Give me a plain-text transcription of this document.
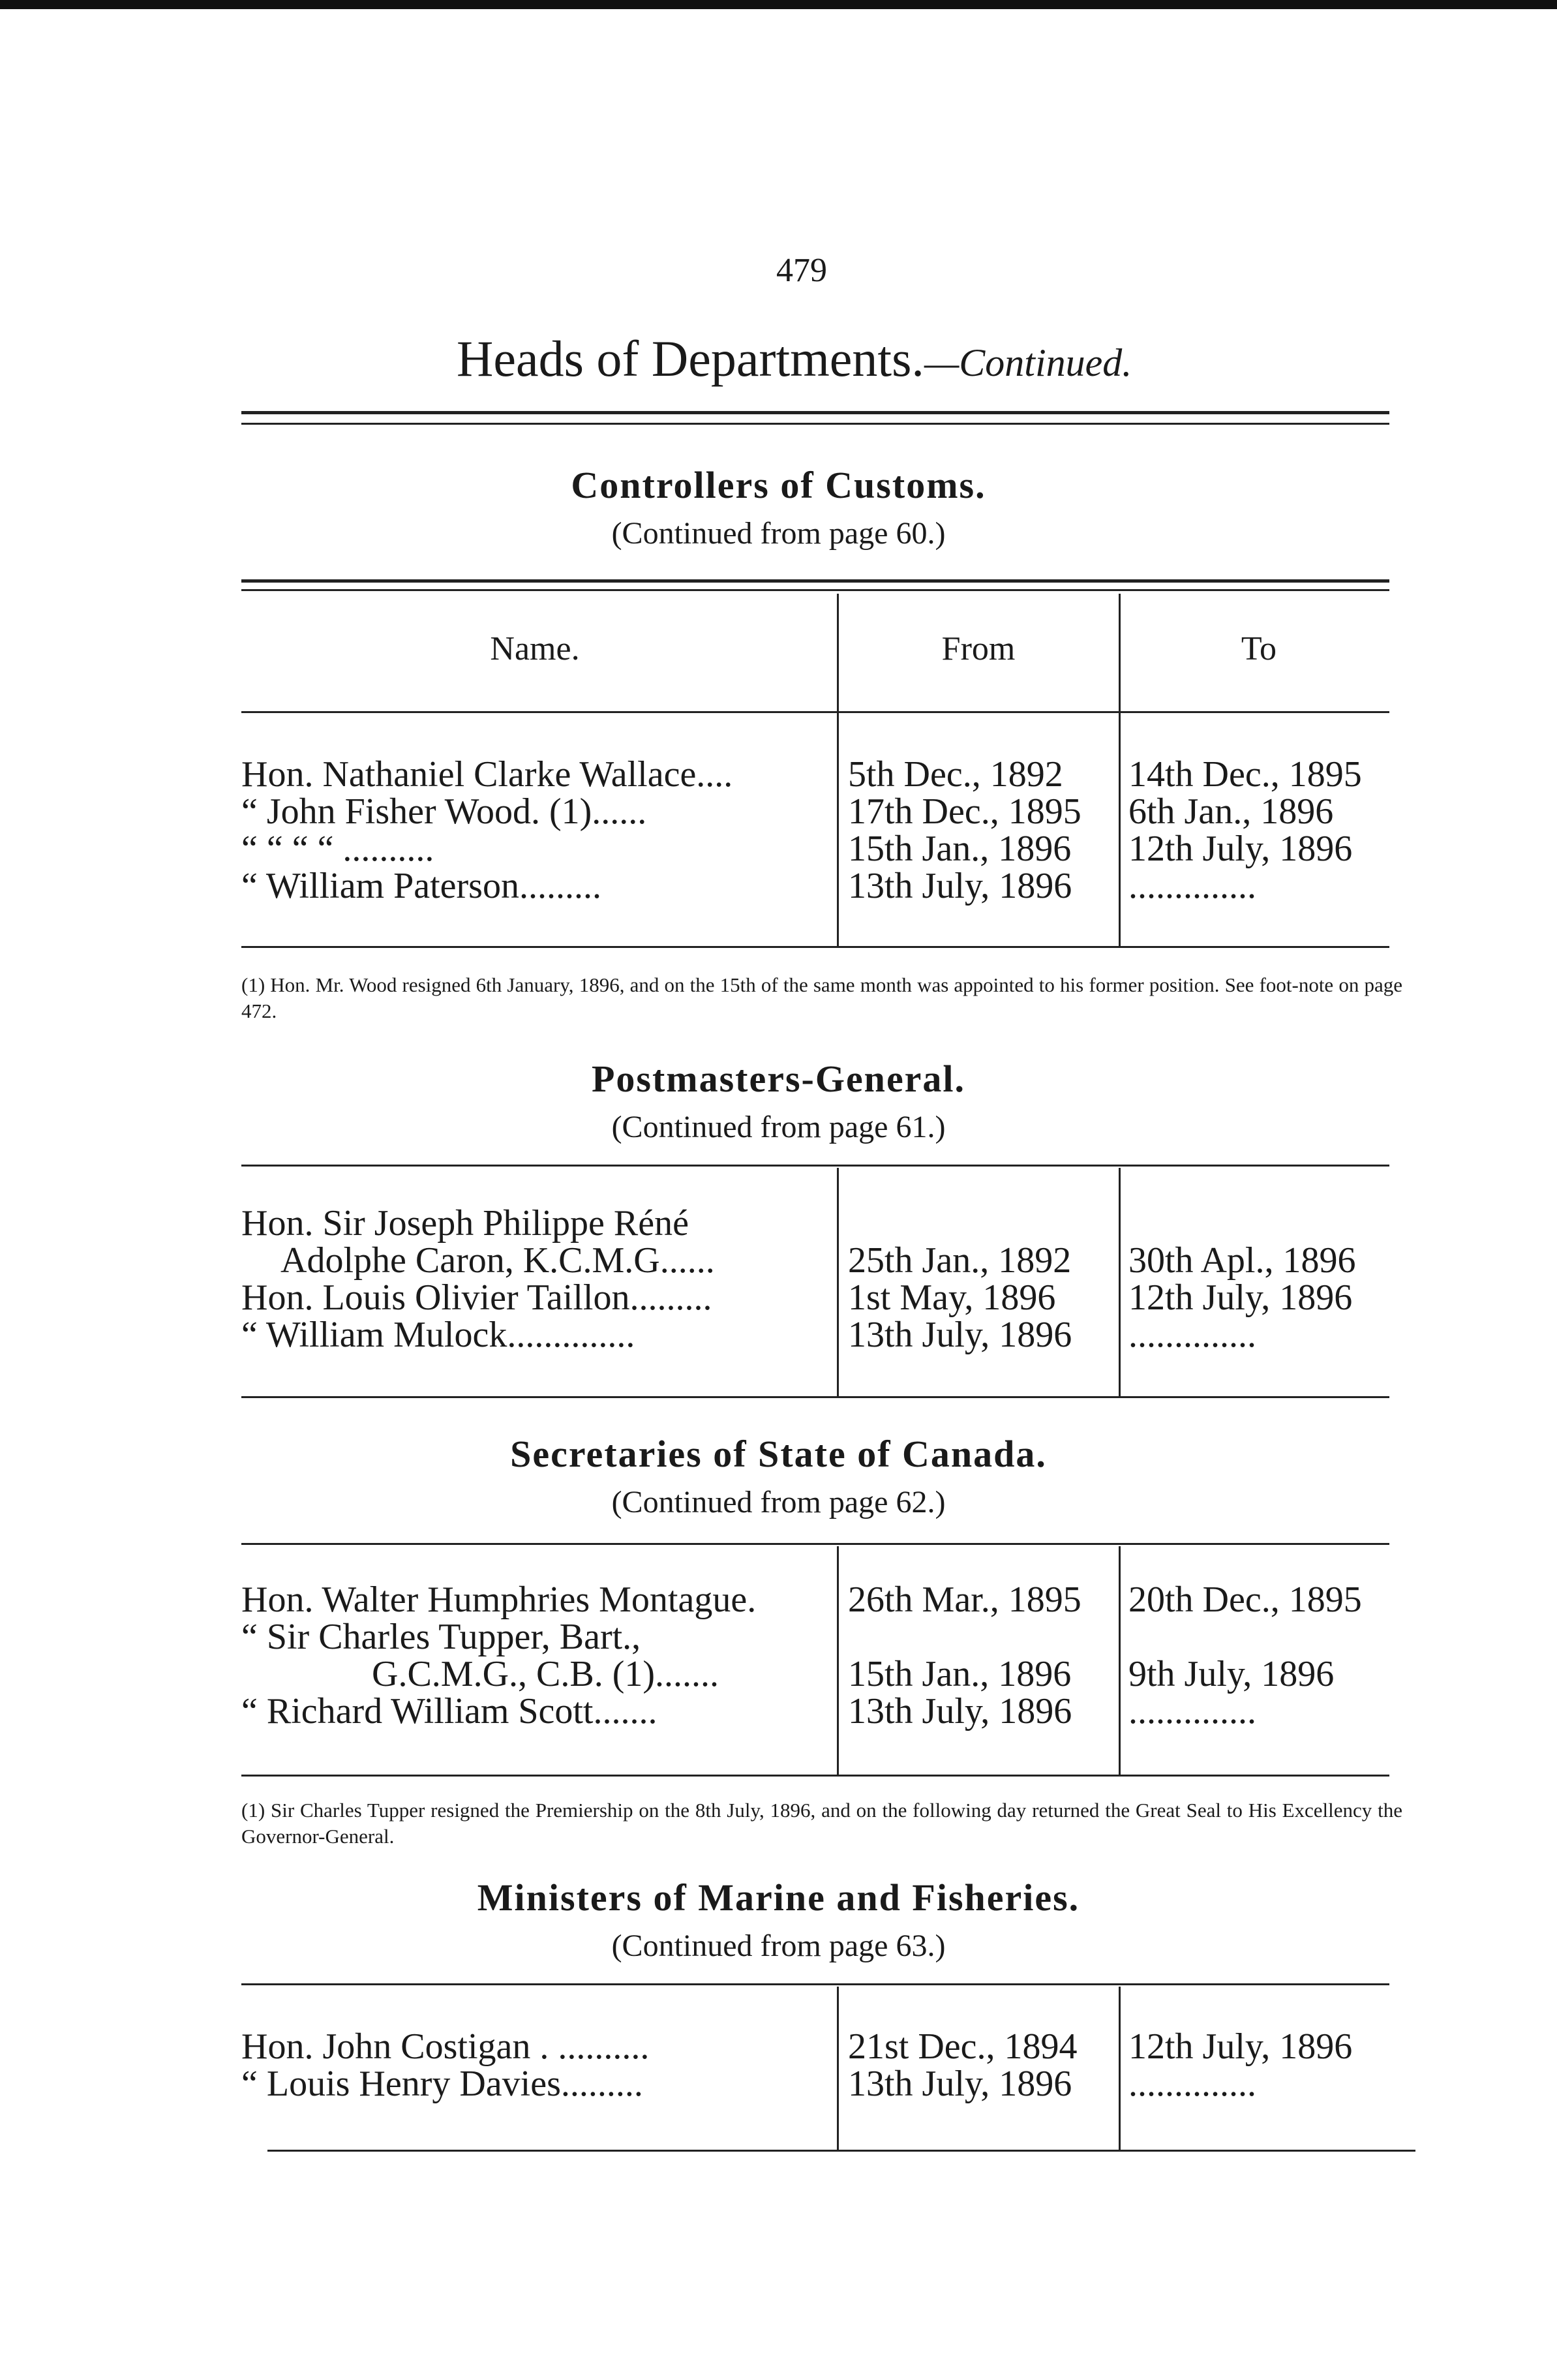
479
Heads of Departments.—Continued.
Controllers of Customs.
(Continued from page 60.)
Name.	From	To
Hon. Nathaniel Clarke Wallace....	5th Dec., 1892	14th Dec., 1895
“ John Fisher Wood. (1)......	17th Dec., 1895	6th Jan., 1896
“ “ “ “ ..........	15th Jan., 1896	12th July, 1896
“ William Paterson.........	13th July, 1896	..............
(1) Hon. Mr. Wood resigned 6th January, 1896, and on the 15th of the same month was appointed to his former position. See foot-note on page 472.
Postmasters-General.
(Continued from page 61.)
Hon. Sir Joseph Philippe Réné
Adolphe Caron, K.C.M.G......	25th Jan., 1892	30th Apl., 1896
Hon. Louis Olivier Taillon.........	1st May, 1896	12th July, 1896
“ William Mulock..............	13th July, 1896	..............
Secretaries of State of Canada.
(Continued from page 62.)
Hon. Walter Humphries Montague.	26th Mar., 1895	20th Dec., 1895
“ Sir Charles Tupper, Bart.,
G.C.M.G., C.B. (1).......	15th Jan., 1896	9th July, 1896
“ Richard William Scott.......	13th July, 1896	..............
(1) Sir Charles Tupper resigned the Premiership on the 8th July, 1896, and on the following day returned the Great Seal to His Excellency the Governor-General.
Ministers of Marine and Fisheries.
(Continued from page 63.)
Hon. John Costigan . ..........	21st Dec., 1894	12th July, 1896
“ Louis Henry Davies.........	13th July, 1896	..............
